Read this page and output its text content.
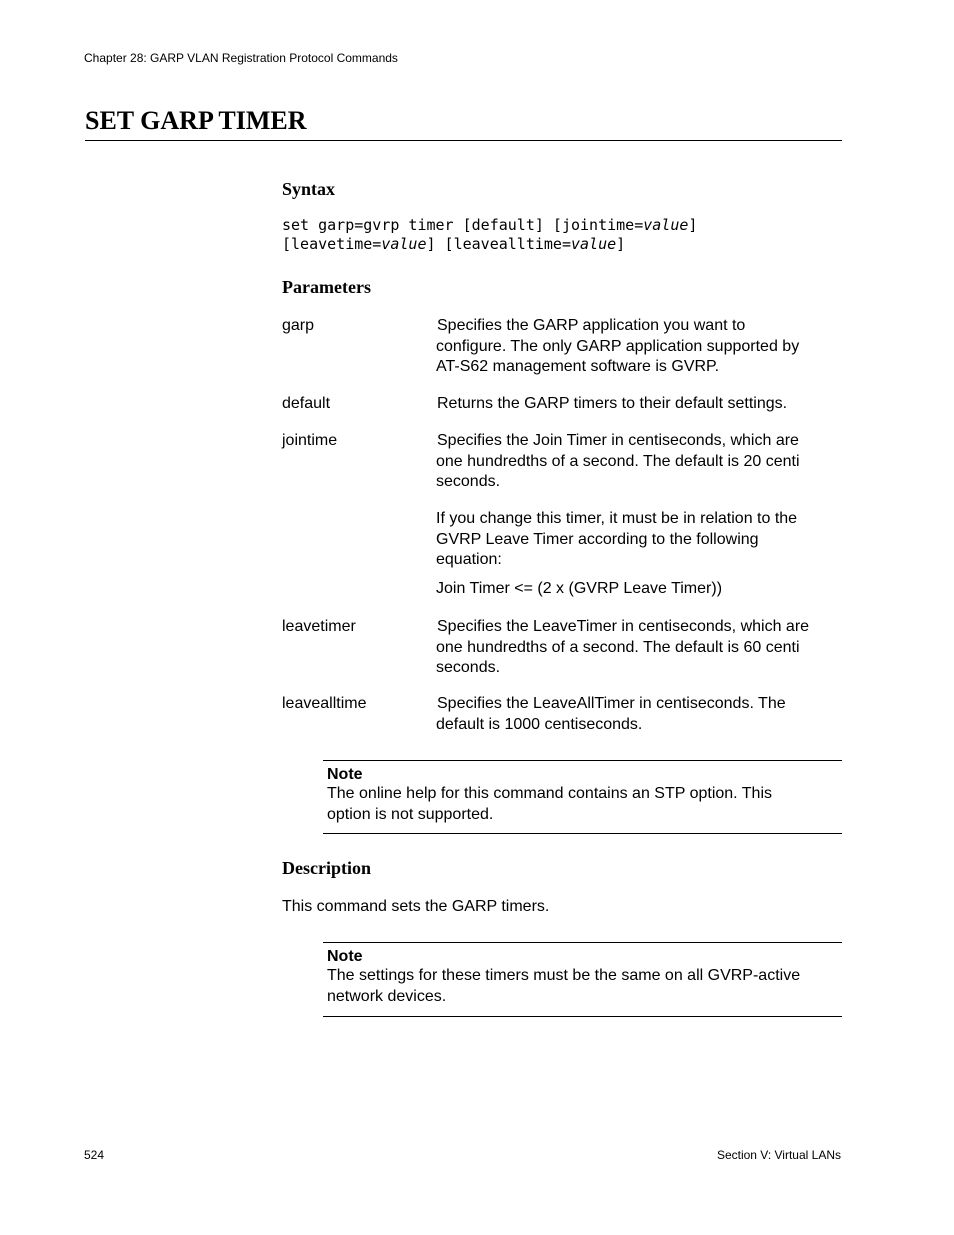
Chapter 28: GARP VLAN Registration Protocol Commands
SET GARP TIMER
Syntax
set garp=gvrp timer [default] [jointime=value]
[leavetime=value] [leavealltime=value]
Parameters
garp	Specifies the GARP application you want to
configure. The only GARP application supported by
AT-S62 management software is GVRP.
default	Returns the GARP timers to their default settings.
jointime	Specifies the Join Timer in centiseconds, which are
one hundredths of a second. The default is 20 centi
seconds.
If you change this timer, it must be in relation to the
GVRP Leave Timer according to the following
equation:
Join Timer <= (2 x (GVRP Leave Timer))
leavetimer	Specifies the LeaveTimer in centiseconds, which are
one hundredths of a second. The default is 60 centi
seconds.
leavealltime	Specifies the LeaveAllTimer in centiseconds. The
default is 1000 centiseconds.
Note
The online help for this command contains an STP option. This
option is not supported.
Description
This command sets the GARP timers.
Note
The settings for these timers must be the same on all GVRP-active
network devices.
524	Section V: Virtual LANs
